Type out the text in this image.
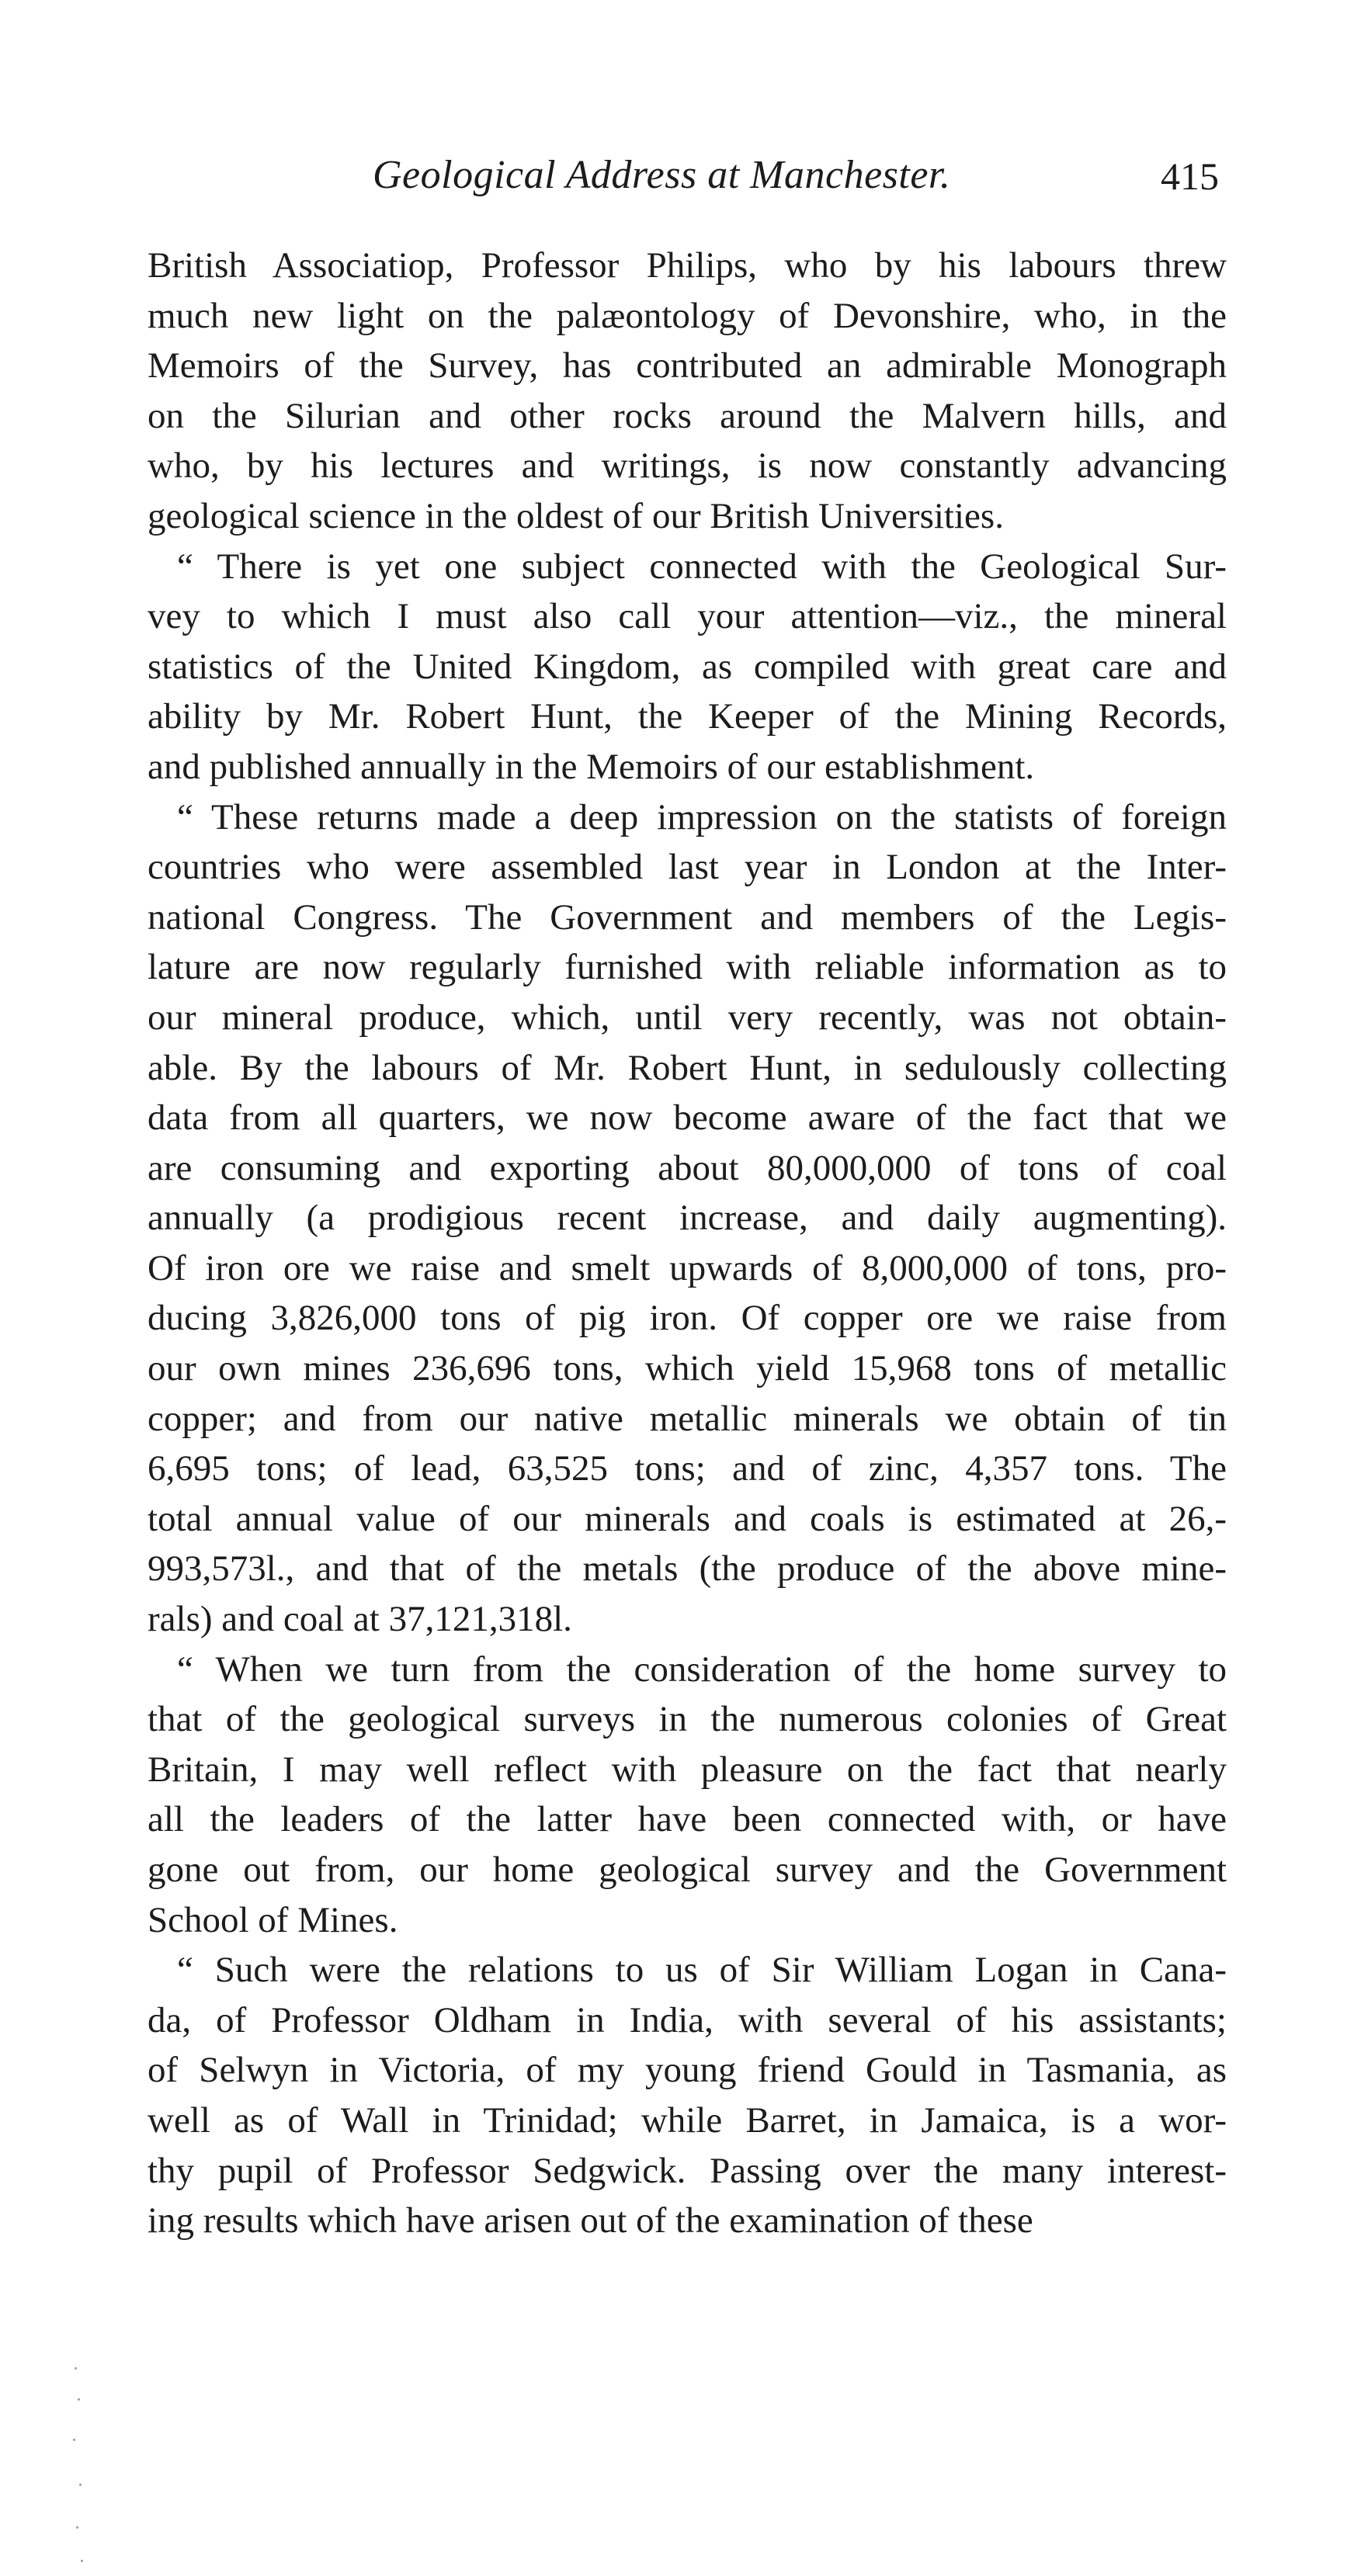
Geological Address at Manchester.	415
British Associatiop, Professor Philips, who by his labours threw
much new light on the palæontology of Devonshire, who, in the
Memoirs of the Survey, has contributed an admirable Monograph
on the Silurian and other rocks around the Malvern hills, and
who, by his lectures and writings, is now constantly advancing
geological science in the oldest of our British Universities.
“ There is yet one subject connected with the Geological Sur-
vey to which I must also call your attention—viz., the mineral
statistics of the United Kingdom, as compiled with great care and
ability by Mr. Robert Hunt, the Keeper of the Mining Records,
and published annually in the Memoirs of our establishment.
“ These returns made a deep impression on the statists of foreign
countries who were assembled last year in London at the Inter-
national Congress. The Government and members of the Legis-
lature are now regularly furnished with reliable information as to
our mineral produce, which, until very recently, was not obtain-
able. By the labours of Mr. Robert Hunt, in sedulously collecting
data from all quarters, we now become aware of the fact that we
are consuming and exporting about 80,000,000 of tons of coal
annually (a prodigious recent increase, and daily augmenting).
Of iron ore we raise and smelt upwards of 8,000,000 of tons, pro-
ducing 3,826,000 tons of pig iron. Of copper ore we raise from
our own mines 236,696 tons, which yield 15,968 tons of metallic
copper; and from our native metallic minerals we obtain of tin
6,695 tons; of lead, 63,525 tons; and of zinc, 4,357 tons. The
total annual value of our minerals and coals is estimated at 26,-
993,573l., and that of the metals (the produce of the above mine-
rals) and coal at 37,121,318l.
“ When we turn from the consideration of the home survey to
that of the geological surveys in the numerous colonies of Great
Britain, I may well reflect with pleasure on the fact that nearly
all the leaders of the latter have been connected with, or have
gone out from, our home geological survey and the Government
School of Mines.
“ Such were the relations to us of Sir William Logan in Cana-
da, of Professor Oldham in India, with several of his assistants;
of Selwyn in Victoria, of my young friend Gould in Tasmania, as
well as of Wall in Trinidad; while Barret, in Jamaica, is a wor-
thy pupil of Professor Sedgwick. Passing over the many interest-
ing results which have arisen out of the examination of these
